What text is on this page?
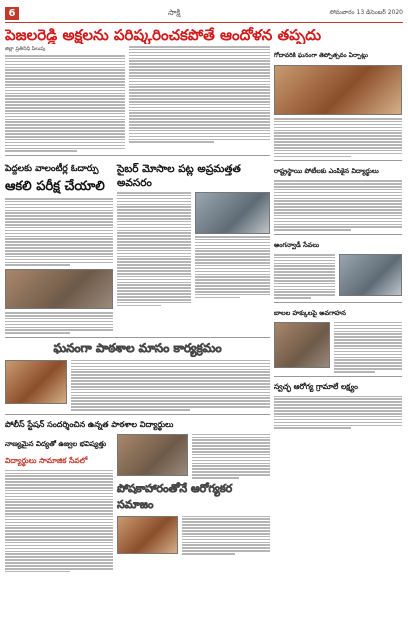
6	సాక్షి	సోమవారం 13 డిసెంబర్ 2020
పెజలరెడ్డి అక్షలను పరిష్కరించకపోతే ఆందోళన తప్పదు
జిల్లా ప్రతినిధి పిలుపు
పెద్దలకు వాలంటీర్ల ఓదార్పు
ఆకలి పరీక్ష చేయాలి
సైబర్ మోసాల పట్ల అప్రమత్తత అవసరం
ఘనంగా పాఠశాల మాసం కార్యక్రమం
పోలీస్ స్టేషన్‌ సందర్శించిన ఉన్నత పాఠశాల విద్యార్థులు
నాణ్యమైన విద్యతో ఉజ్వల భవిష్యత్తు
విద్యార్థులు సామాజిక సేవలో
పోషకాహారంతోనే ఆరోగ్యకర సమాజం
గోదావరికి ఘనంగా తెప్పోత్సవం ఏర్పాట్లు
రాష్ట్రస్థాయి పోటీలకు ఎంపికైన విద్యార్థులు
అంగన్వాడీ సేవలు
బాలల హక్కులపై అవగాహన
స్వచ్ఛ ఆరోగ్య గ్రామాలే లక్ష్యం
